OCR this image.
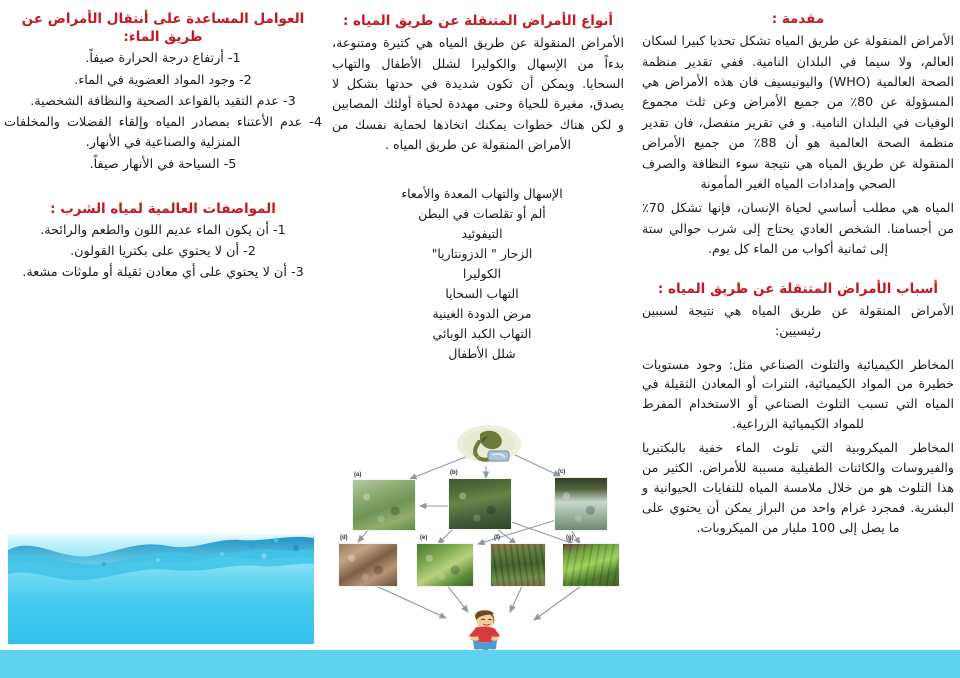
مقدمة :

الأمراض المنقولة عن طريق المياه تشكل تحديا كبيرا لسكان العالم، ولا سيما في البلدان النامية. ففي تقدير منظمة الصحة العالمية (WHO) واليونيسيف فان هذه الأمراض هي المسؤولة عن 80٪ من جميع الأمراض وعن ثلث مجموع الوفيات في البلدان النامية. و في تقرير منفصل، فان تقدير منظمة الصحة العالمية هو أن 88٪ من جميع الأمراض المنقولة عن طريق المياه هي نتيجة سوء النظافة والصرف الصحي وإمدادات المياه الغير المأمونة

المياه هي مطلب أساسي لحياة الإنسان، فإنها تشكل 70٪ من أجسامنا. الشخص العادي يحتاج إلى شرب حوالي ستة إلى ثمانية أكواب من الماء كل يوم.

أسباب الأمراض المتنقلة عن طريق المياه :

الأمراض المنقولة عن طريق المياه هي نتيجة لسببين رئيسيين:

المخاطر الكيميائية والتلوث الصناعي مثل: وجود مستويات خطيرة من المواد الكيميائية، النترات أو المعادن الثقيلة في المياه التي تسبب التلوث الصناعي أو الاستخدام المفرط للمواد الكيميائية الزراعية.

المخاطر الميكروبية التي تلوث الماء خفية بالبكتيريا والفيروسات والكائنات الطفيلية مسببة للأمراض. الكثير من هذا التلوث هو من خلال ملامسة المياه للنفايات الحيوانية و البشرية. فمجرد غرام واحد من البراز يمكن أن يحتوي على ما يصل إلى 100 مليار من الميكروبات.

أنواع الأمراض المتنقلة عن طريق المياه :

الأمراض المنقولة عن طريق المياه هي كثيرة ومتنوعة، بدءاً من الإسهال والكوليرا لشلل الأطفال والتهاب السحايا. ويمكن أن تكون شديدة في حدتها بشكل لا يصدق، مغيرة للحياة وحتى مهددة لحياة أولئك المصابين و لكن هناك خطوات يمكنك اتخاذها لحماية نفسك من الأمراض المنقولة عن طريق المياه .

الإسهال والتهاب المعدة والأمعاء
ألم أو تقلصات في البطن
التيفوئيد
الزحار " الدزونتاريا"
الكوليرا
التهاب السحايا
مرض الدودة الغينية
التهاب الكبد الوبائي
شلل الأطفال
العوامل المساعدة على أنتقال الأمراض عن طريق الماء:
1- أرتفاع درجة الحرارة صيفاً.
2- وجود المواد العضوية في الماء.
3- عدم التقيد بالقواعد الصحية والنظافة الشخصية.
4- عدم الأعتناء بمصادر المياه وإلقاء الفضلات والمخلفات المنزلية والصناعية في الأنهار.
5- السياحة في الأنهار صيفاً.
المواصفات العالمية لمياه الشرب :
1- أن يكون الماء عديم اللون والطعم والرائحة.
2- أن لا يحتوي على بكتريا القولون.
3- أن لا يحتوي على أي معادن ثقيلة أو ملوثات مشعة.
(a)	(b)	(c)
(d)	(e)	(f)	(g)
